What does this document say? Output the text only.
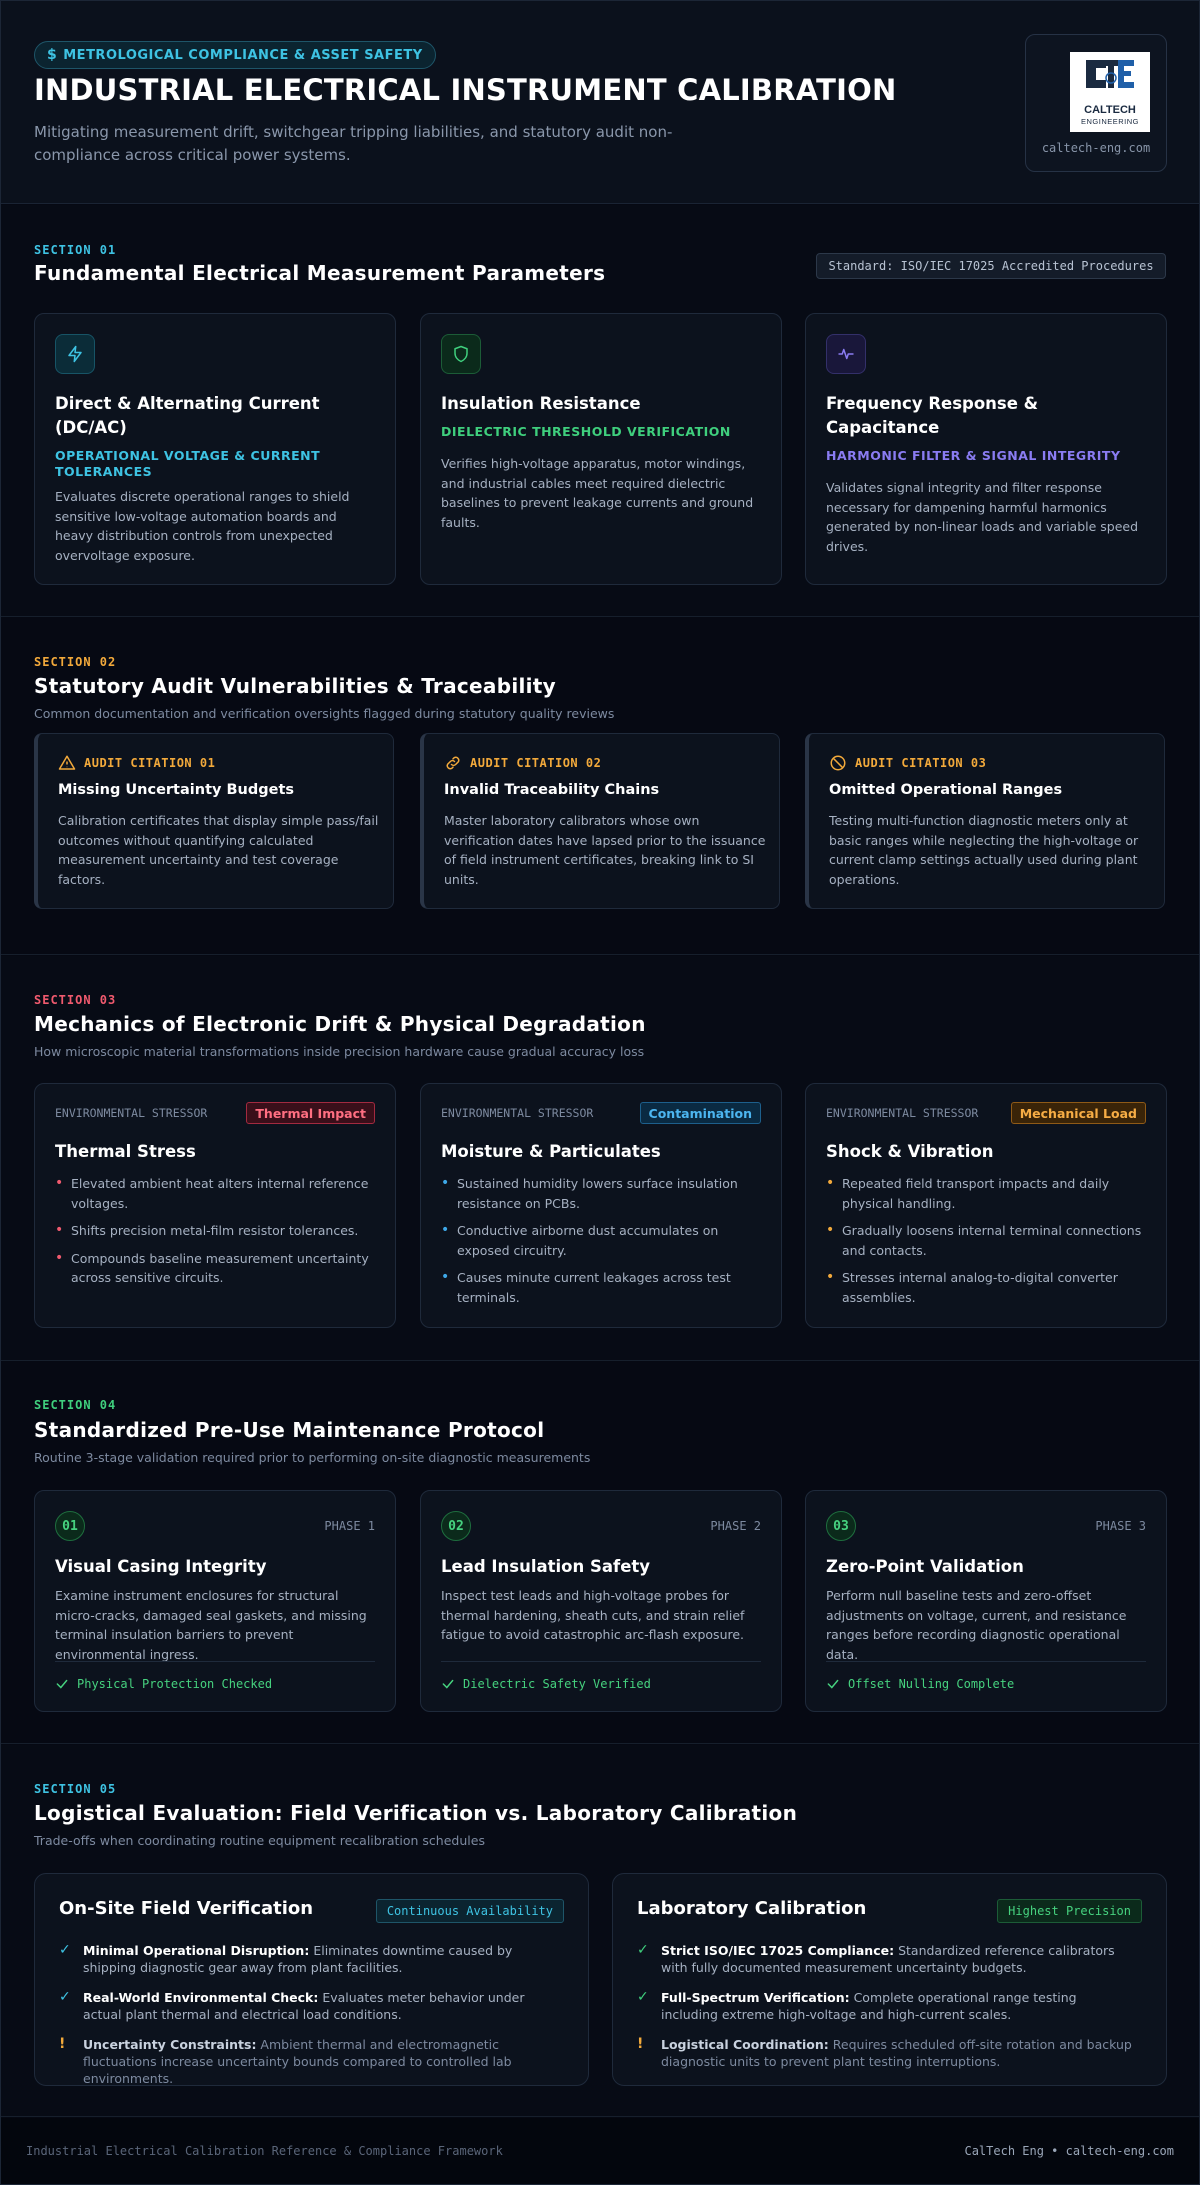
$ METROLOGICAL COMPLIANCE & ASSET SAFETY
INDUSTRIAL ELECTRICAL INSTRUMENT CALIBRATION
Mitigating measurement drift, switchgear tripping liabilities, and statutory audit non-compliance across critical power systems.
CALTECH
ENGINEERING
caltech-eng.com
SECTION 01
Fundamental Electrical Measurement Parameters	Standard: ISO/IEC 17025 Accredited Procedures
Direct & Alternating Current (DC/AC)
OPERATIONAL VOLTAGE & CURRENT TOLERANCES
Evaluates discrete operational ranges to shield sensitive low-voltage automation boards and heavy distribution controls from unexpected overvoltage exposure.
Insulation Resistance
DIELECTRIC THRESHOLD VERIFICATION
Verifies high-voltage apparatus, motor windings, and industrial cables meet required dielectric baselines to prevent leakage currents and ground faults.
Frequency Response & Capacitance
HARMONIC FILTER & SIGNAL INTEGRITY
Validates signal integrity and filter response necessary for dampening harmful harmonics generated by non-linear loads and variable speed drives.
SECTION 02
Statutory Audit Vulnerabilities & Traceability
Common documentation and verification oversights flagged during statutory quality reviews
AUDIT CITATION 01
Missing Uncertainty Budgets
Calibration certificates that display simple pass/fail outcomes without quantifying calculated measurement uncertainty and test coverage factors.
AUDIT CITATION 02
Invalid Traceability Chains
Master laboratory calibrators whose own verification dates have lapsed prior to the issuance of field instrument certificates, breaking link to SI units.
AUDIT CITATION 03
Omitted Operational Ranges
Testing multi-function diagnostic meters only at basic ranges while neglecting the high-voltage or current clamp settings actually used during plant operations.
SECTION 03
Mechanics of Electronic Drift & Physical Degradation
How microscopic material transformations inside precision hardware cause gradual accuracy loss
ENVIRONMENTAL STRESSOR	Thermal Impact
Thermal Stress
• Elevated ambient heat alters internal reference voltages.
• Shifts precision metal-film resistor tolerances.
• Compounds baseline measurement uncertainty across sensitive circuits.
ENVIRONMENTAL STRESSOR	Contamination
Moisture & Particulates
• Sustained humidity lowers surface insulation resistance on PCBs.
• Conductive airborne dust accumulates on exposed circuitry.
• Causes minute current leakages across test terminals.
ENVIRONMENTAL STRESSOR	Mechanical Load
Shock & Vibration
• Repeated field transport impacts and daily physical handling.
• Gradually loosens internal terminal connections and contacts.
• Stresses internal analog-to-digital converter assemblies.
SECTION 04
Standardized Pre-Use Maintenance Protocol
Routine 3-stage validation required prior to performing on-site diagnostic measurements
01	PHASE 1
Visual Casing Integrity
Examine instrument enclosures for structural micro-cracks, damaged seal gaskets, and missing terminal insulation barriers to prevent environmental ingress.
Physical Protection Checked
02	PHASE 2
Lead Insulation Safety
Inspect test leads and high-voltage probes for thermal hardening, sheath cuts, and strain relief fatigue to avoid catastrophic arc-flash exposure.
Dielectric Safety Verified
03	PHASE 3
Zero-Point Validation
Perform null baseline tests and zero-offset adjustments on voltage, current, and resistance ranges before recording diagnostic operational data.
Offset Nulling Complete
SECTION 05
Logistical Evaluation: Field Verification vs. Laboratory Calibration
Trade-offs when coordinating routine equipment recalibration schedules
On-Site Field Verification	Continuous Availability
✓ Minimal Operational Disruption: Eliminates downtime caused by shipping diagnostic gear away from plant facilities.
✓ Real-World Environmental Check: Evaluates meter behavior under actual plant thermal and electrical load conditions.
! Uncertainty Constraints: Ambient thermal and electromagnetic fluctuations increase uncertainty bounds compared to controlled lab environments.
Laboratory Calibration	Highest Precision
✓ Strict ISO/IEC 17025 Compliance: Standardized reference calibrators with fully documented measurement uncertainty budgets.
✓ Full-Spectrum Verification: Complete operational range testing including extreme high-voltage and high-current scales.
! Logistical Coordination: Requires scheduled off-site rotation and backup diagnostic units to prevent plant testing interruptions.
Industrial Electrical Calibration Reference & Compliance Framework	CalTech Eng • caltech-eng.com
